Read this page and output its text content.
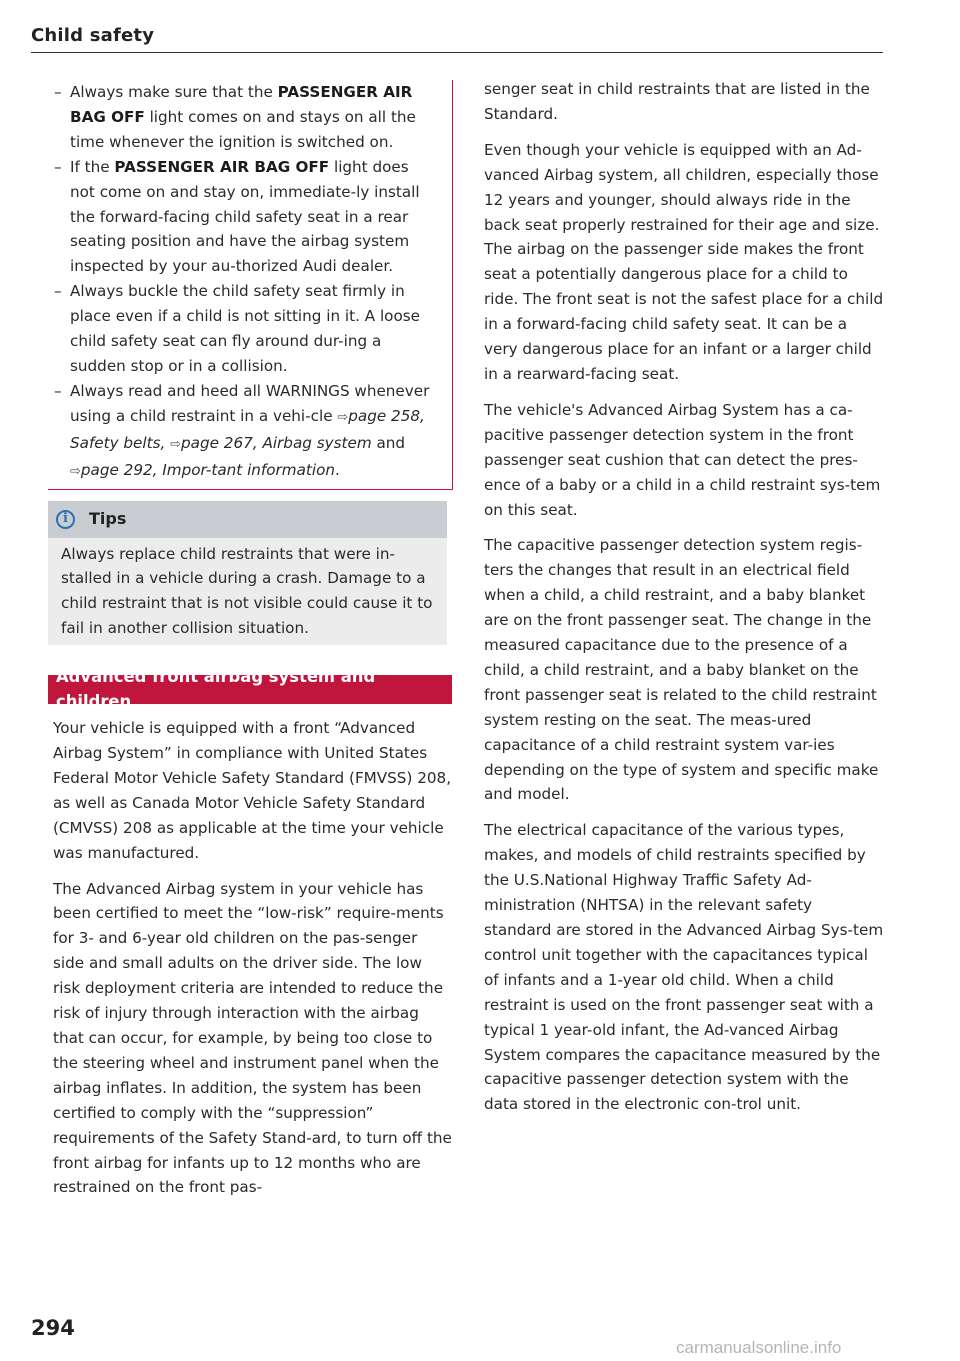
Child safety
– Always make sure that the PASSENGER AIR BAG OFF light comes on and stays on all the time whenever the ignition is switched on.
– If the PASSENGER AIR BAG OFF light does not come on and stay on, immediate-ly install the forward-facing child safety seat in a rear seating position and have the airbag system inspected by your au-thorized Audi dealer.
– Always buckle the child safety seat firmly in place even if a child is not sitting in it. A loose child safety seat can fly around dur-ing a sudden stop or in a collision.
– Always read and heed all WARNINGS whenever using a child restraint in a vehi-cle ⇨page 258, Safety belts, ⇨page 267, Airbag system and ⇨page 292, Impor-tant information.
i	Tips

Always replace child restraints that were in-stalled in a vehicle during a crash. Damage to a child restraint that is not visible could cause it to fail in another collision situation.

Advanced front airbag system and children

Your vehicle is equipped with a front “Advanced Airbag System” in compliance with United States Federal Motor Vehicle Safety Standard (FMVSS) 208, as well as Canada Motor Vehicle Safety Standard (CMVSS) 208 as applicable at the time your vehicle was manufactured.

The Advanced Airbag system in your vehicle has been certified to meet the “low-risk” require-ments for 3- and 6-year old children on the pas-senger side and small adults on the driver side. The low risk deployment criteria are intended to reduce the risk of injury through interaction with the airbag that can occur, for example, by being too close to the steering wheel and instrument panel when the airbag inflates. In addition, the system has been certified to comply with the “suppression” requirements of the Safety Stand-ard, to turn off the front airbag for infants up to 12 months who are restrained on the front pas-

senger seat in child restraints that are listed in the Standard.

Even though your vehicle is equipped with an Ad-vanced Airbag system, all children, especially those 12 years and younger, should always ride in the back seat properly restrained for their age and size. The airbag on the passenger side makes the front seat a potentially dangerous place for a child to ride. The front seat is not the safest place for a child in a forward-facing child safety seat. It can be a very dangerous place for an infant or a larger child in a rearward-facing seat.

The vehicle's Advanced Airbag System has a ca-pacitive passenger detection system in the front passenger seat cushion that can detect the pres-ence of a baby or a child in a child restraint sys-tem on this seat.

The capacitive passenger detection system regis-ters the changes that result in an electrical field when a child, a child restraint, and a baby blanket are on the front passenger seat. The change in the measured capacitance due to the presence of a child, a child restraint, and a baby blanket on the front passenger seat is related to the child restraint system resting on the seat. The meas-ured capacitance of a child restraint system var-ies depending on the type of system and specific make and model.

The electrical capacitance of the various types, makes, and models of child restraints specified by the U.S.National Highway Traffic Safety Ad-ministration (NHTSA) in the relevant safety standard are stored in the Advanced Airbag Sys-tem control unit together with the capacitances typical of infants and a 1-year old child. When a child restraint is used on the front passenger seat with a typical 1 year-old infant, the Ad-vanced Airbag System compares the capacitance measured by the capacitive passenger detection system with the data stored in the electronic con-trol unit.

294

carmanualsonline.info
